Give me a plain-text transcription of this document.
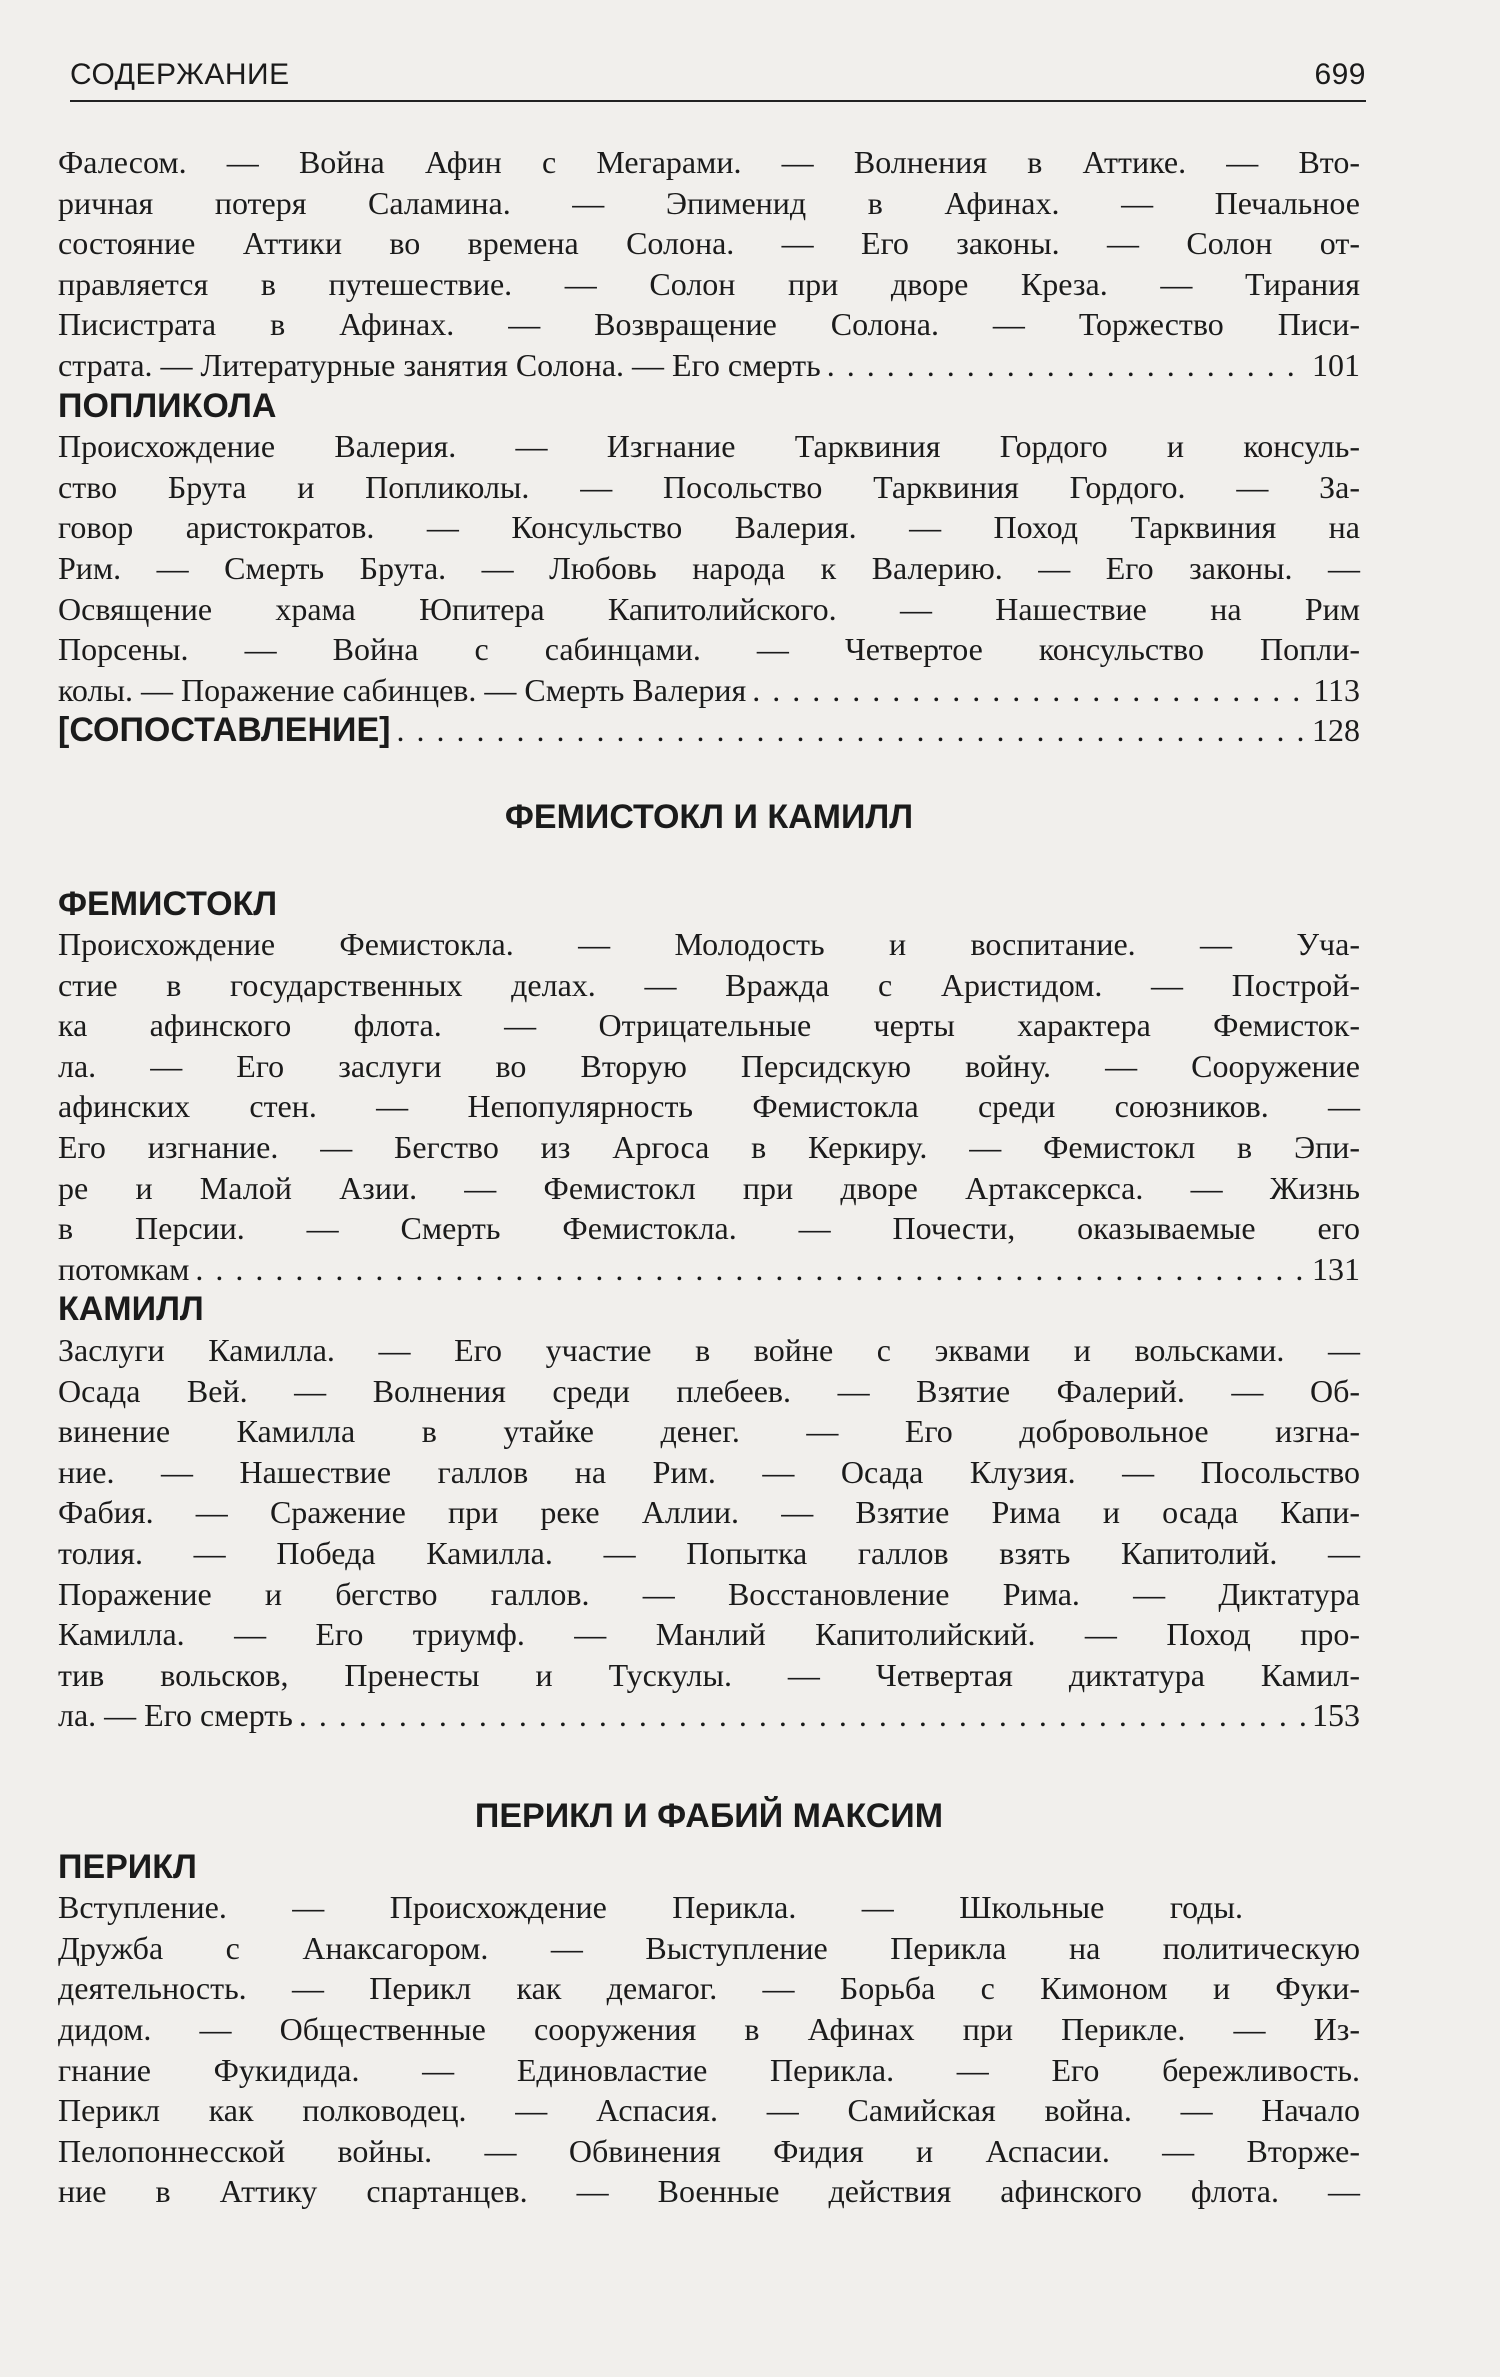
СОДЕРЖАНИЕ	699
Фалесом. — Война Афин с Мегарами. — Волнения в Аттике. — Вто-
ричная потеря Саламина. — Эпименид в Афинах. — Печальное
состояние Аттики во времена Солона. — Его законы. — Солон от-
правляется в путешествие. — Солон при дворе Креза. — Тирания
Писистрата в Афинах. — Возвращение Солона. — Торжество Писи-
страта. — Литературные занятия Солона. — Его смерть . . .	101
ПОПЛИКОЛА
Происхождение Валерия. — Изгнание Тарквиния Гордого и консуль-
ство Брута и Попликолы. — Посольство Тарквиния Гордого. — За-
говор аристократов. — Консульство Валерия. — Поход Тарквиния на
Рим. — Смерть Брута. — Любовь народа к Валерию. — Его законы. —
Освящение храма Юпитера Капитолийского. — Нашествие на Рим
Порсены. — Война с сабинцами. — Четвертое консульство Попли-
колы. — Поражение сабинцев. — Смерть Валерия . . .	113
[СОПОСТАВЛЕНИЕ] . . .	128
ФЕМИСТОКЛ И КАМИЛЛ
ФЕМИСТОКЛ
Происхождение Фемистокла. — Молодость и воспитание. — Уча-
стие в государственных делах. — Вражда с Аристидом. — Построй-
ка афинского флота. — Отрицательные черты характера Фемисток-
ла. — Его заслуги во Вторую Персидскую войну. — Сооружение
афинских стен. — Непопулярность Фемистокла среди союзников. —
Его изгнание. — Бегство из Аргоса в Керкиру. — Фемистокл в Эпи-
ре и Малой Азии. — Фемистокл при дворе Артаксеркса. — Жизнь
в Персии. — Смерть Фемистокла. — Почести, оказываемые его
потомкам . . .	131
КАМИЛЛ
Заслуги Камилла. — Его участие в войне с эквами и вольсками. —
Осада Вей. — Волнения среди плебеев. — Взятие Фалерий. — Об-
винение Камилла в утайке денег. — Его добровольное изгна-
ние. — Нашествие галлов на Рим. — Осада Клузия. — Посольство
Фабия. — Сражение при реке Аллии. — Взятие Рима и осада Капи-
толия. — Победа Камилла. — Попытка галлов взять Капитолий. —
Поражение и бегство галлов. — Восстановление Рима. — Диктатура
Камилла. — Его триумф. — Манлий Капитолийский. — Поход про-
тив вольсков, Пренесты и Тускулы. — Четвертая диктатура Камил-
ла. — Его смерть . . .	153
ПЕРИКЛ И ФАБИЙ МАКСИМ
ПЕРИКЛ
Вступление. — Происхождение Перикла. — Школьные годы.
Дружба с Анаксагором. — Выступление Перикла на политическую
деятельность. — Перикл как демагог. — Борьба с Кимоном и Фуки-
дидом. — Общественные сооружения в Афинах при Перикле. — Из-
гнание Фукидида. — Единовластие Перикла. — Его бережливость.
Перикл как полководец. — Аспасия. — Самийская война. — Начало
Пелопоннесской войны. — Обвинения Фидия и Аспасии. — Вторже-
ние в Аттику спартанцев. — Военные действия афинского флота. —
